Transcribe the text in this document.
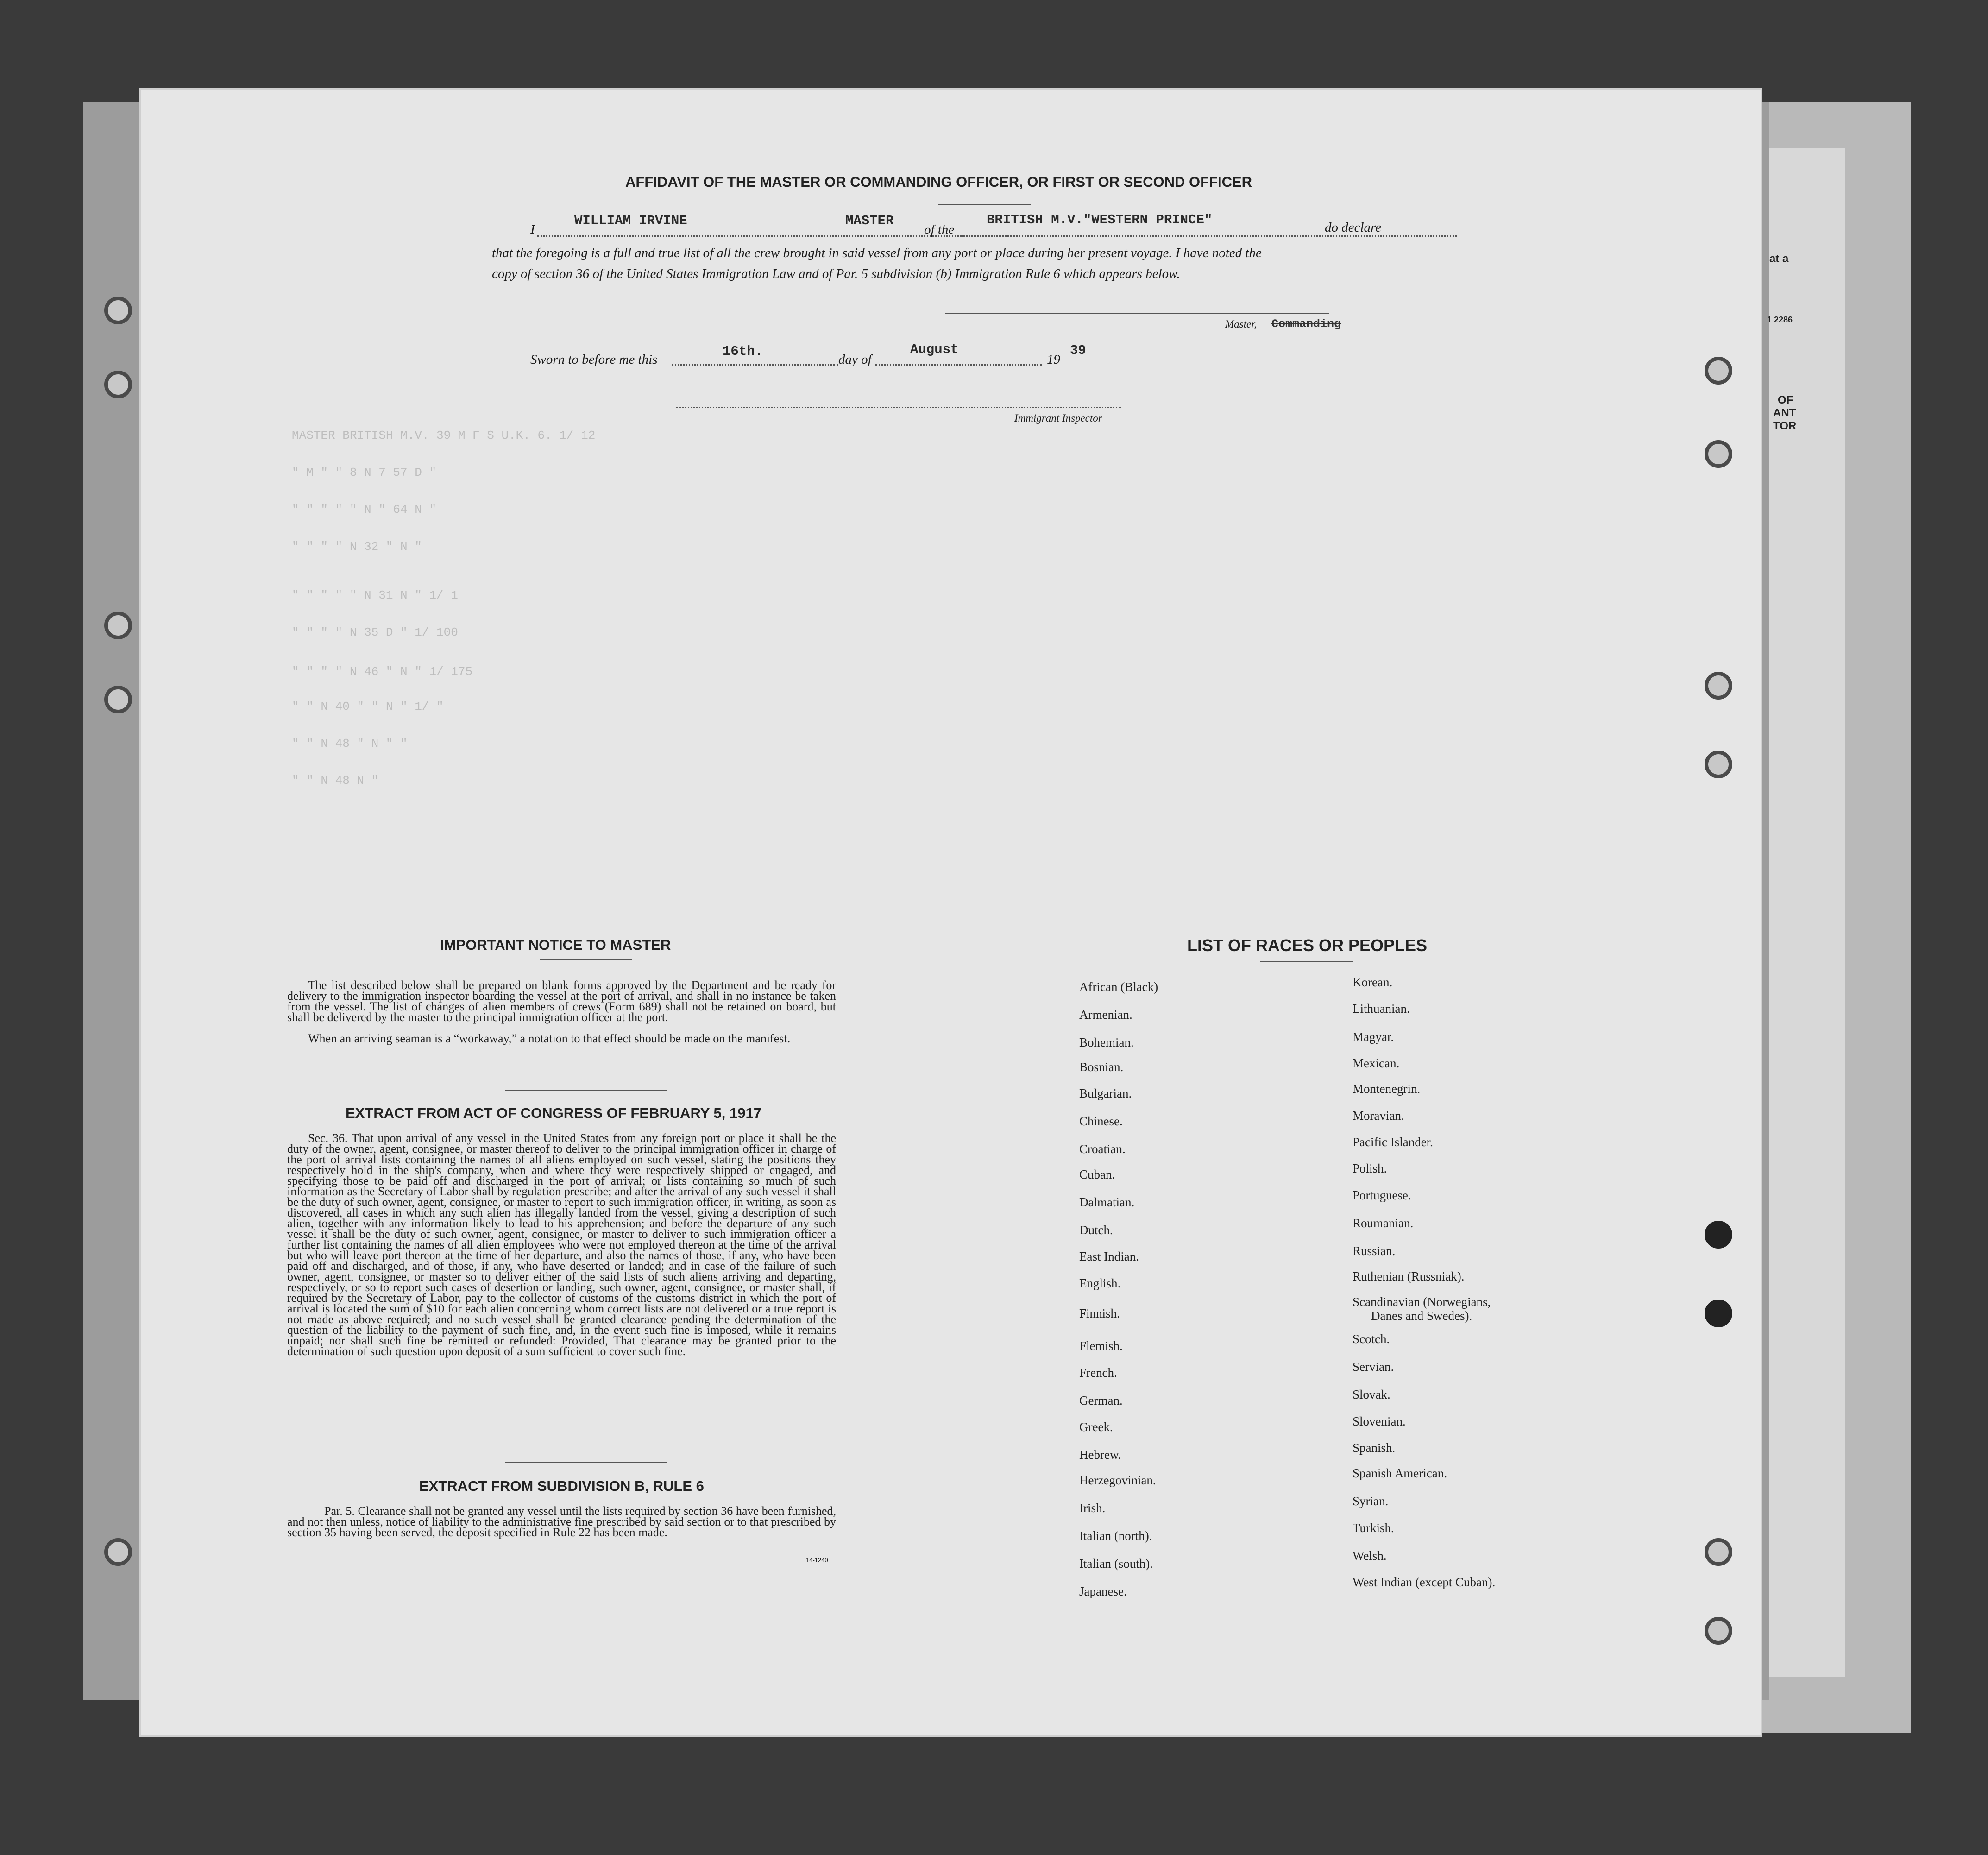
at a
1 2286
OF
ANT
TOR
MASTER BRITISH M.V. 39 M F S U.K. 6. 1/ 12
" M " " 8 N 7 57 D "
" " " " " N " 64 N "
" " " " N 32 " N "
" " " " " N 31 N " 1/ 1
" " " " N 35 D " 1/ 100
" " " " N 46 " N " 1/ 175
" " N 40 " " N " 1/ "
" " N 48 " N " "
" " N 48 N "
AFFIDAVIT OF THE MASTER OR COMMANDING OFFICER, OR FIRST OR SECOND OFFICER
I
WILLIAM IRVINE	MASTER
of the
BRITISH M.V."WESTERN PRINCE"	do declare
that the foregoing is a full and true list of all the crew brought in said vessel from any port or place during her present voyage. I have noted the
copy of section 36 of the United States Immigration Law and of Par. 5 subdivision (b) Immigration Rule 6 which appears below.
Master, Commanding
Sworn to before me this
16th.
day of
August
19
39
Immigrant Inspector
IMPORTANT NOTICE TO MASTER
The list described below shall be prepared on blank forms approved by the Department and be ready for delivery to the immigration inspector boarding the vessel at the port of arrival, and shall in no instance be taken from the vessel. The list of changes of alien members of crews (Form 689) shall not be retained on board, but shall be delivered by the master to the principal immigration officer at the port.
When an arriving seaman is a “workaway,” a notation to that effect should be made on the manifest.
EXTRACT FROM ACT OF CONGRESS OF FEBRUARY 5, 1917
Sec. 36. That upon arrival of any vessel in the United States from any foreign port or place it shall be the duty of the owner, agent, consignee, or master thereof to deliver to the principal immigration officer in charge of the port of arrival lists containing the names of all aliens employed on such vessel, stating the positions they respectively hold in the ship's company, when and where they were respectively shipped or engaged, and specifying those to be paid off and discharged in the port of arrival; or lists containing so much of such information as the Secretary of Labor shall by regulation prescribe; and after the arrival of any such vessel it shall be the duty of such owner, agent, consignee, or master to report to such immigration officer, in writing, as soon as discovered, all cases in which any such alien has illegally landed from the vessel, giving a description of such alien, together with any information likely to lead to his apprehension; and before the departure of any such vessel it shall be the duty of such owner, agent, consignee, or master to deliver to such immigration officer a further list containing the names of all alien employees who were not employed thereon at the time of the arrival but who will leave port thereon at the time of her departure, and also the names of those, if any, who have been paid off and discharged, and of those, if any, who have deserted or landed; and in case of the failure of such owner, agent, consignee, or master so to deliver either of the said lists of such aliens arriving and departing, respectively, or so to report such cases of desertion or landing, such owner, agent, consignee, or master shall, if required by the Secretary of Labor, pay to the collector of customs of the customs district in which the port of arrival is located the sum of $10 for each alien concerning whom correct lists are not delivered or a true report is not made as above required; and no such vessel shall be granted clearance pending the determination of the question of the liability to the payment of such fine, and, in the event such fine is imposed, while it remains unpaid; nor shall such fine be remitted or refunded: Provided, That clearance may be granted prior to the determination of such question upon deposit of a sum sufficient to cover such fine.
EXTRACT FROM SUBDIVISION B, RULE 6
Par. 5. Clearance shall not be granted any vessel until the lists required by section 36 have been furnished, and not then unless, notice of liability to the administrative fine prescribed by said section or to that prescribed by section 35 having been served, the deposit specified in Rule 22 has been made.
14-1240
LIST OF RACES OR PEOPLES
African (Black)
Armenian.
Bohemian.
Bosnian.
Bulgarian.
Chinese.
Croatian.
Cuban.
Dalmatian.
Dutch.
East Indian.
English.
Finnish.
Flemish.
French.
German.
Greek.
Hebrew.
Herzegovinian.
Irish.
Italian (north).
Italian (south).
Japanese.
Korean.
Lithuanian.
Magyar.
Mexican.
Montenegrin.
Moravian.
Pacific Islander.
Polish.
Portuguese.
Roumanian.
Russian.
Ruthenian (Russniak).
Scandinavian (Norwegians,
Danes and Swedes).
Scotch.
Servian.
Slovak.
Slovenian.
Spanish.
Spanish American.
Syrian.
Turkish.
Welsh.
West Indian (except Cuban).
